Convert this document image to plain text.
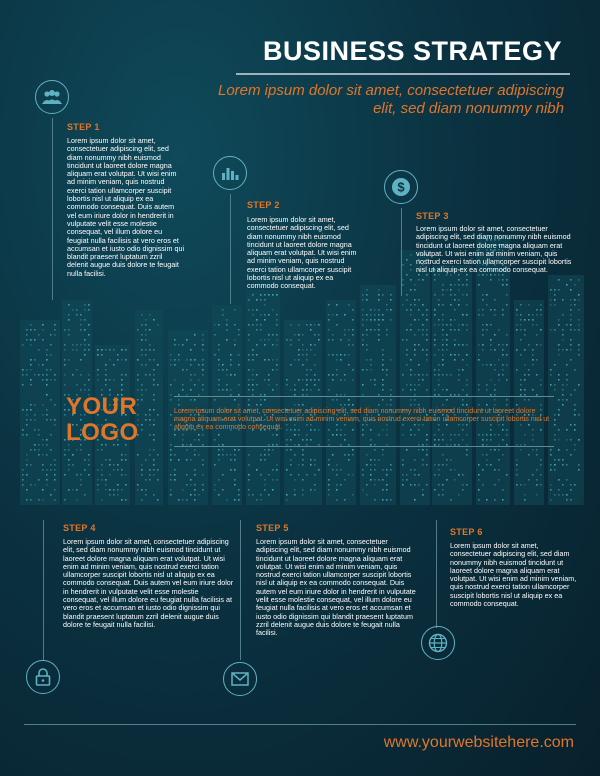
BUSINESS STRATEGY

Lorem ipsum dolor sit amet, consectetuer adipiscing elit, sed diam nonummy nibh

STEP 1

Lorem ipsum dolor sit amet, consectetuer adipiscing elit, sed diam nonummy nibh euismod tincidunt ut laoreet dolore magna aliquam erat volutpat. Ut wisi enim ad minim veniam, quis nostrud exerci tation ullamcorper suscipit lobortis nisl ut aliquip ex ea commodo consequat. Duis autem vel eum iriure dolor in hendrerit in vulputate velit esse molestie consequat, vel illum dolore eu feugiat nulla facilisis at vero eros et accumsan et iusto odio dignissim qui blandit praesent luptatum zzril delenit augue duis dolore te feugait nulla facilisi.

STEP 2

Lorem ipsum dolor sit amet, consectetuer adipiscing elit, sed diam nonummy nibh euismod tincidunt ut laoreet dolore magna aliquam erat volutpat. Ut wisi enim ad minim veniam, quis nostrud exerci tation ullamcorper suscipit lobortis nisl ut aliquip ex ea commodo consequat.

$
STEP 3

Lorem ipsum dolor sit amet, consectetuer adipiscing elit, sed diam nonummy nibh euismod tincidunt ut laoreet dolore magna aliquam erat volutpat. Ut wisi enim ad minim veniam, quis nostrud exerci tation ullamcorper suscipit lobortis nisl ut aliquip ex ea commodo consequat.

YOUR
LOGO

Lorem ipsum dolor sit amet, consectetuer adipiscing elit, sed diam nonummy nibh euismod tincidunt ut laoreet dolore magna aliquam erat volutpat. Ut wisi enim ad minim veniam, quis nostrud exerci tation ullamcorper suscipit lobortis nisl ut aliquip ex ea commodo consequat.

STEP 4

Lorem ipsum dolor sit amet, consectetuer adipiscing elit, sed diam nonummy nibh euismod tincidunt ut laoreet dolore magna aliquam erat volutpat. Ut wisi enim ad minim veniam, quis nostrud exerci tation ullamcorper suscipit lobortis nisl ut aliquip ex ea commodo consequat. Duis autem vel eum iriure dolor in hendrerit in vulputate velit esse molestie consequat, vel illum dolore eu feugiat nulla facilisis at vero eros et accumsan et iusto odio dignissim qui blandit praesent luptatum zzril delenit augue duis dolore te feugait nulla facilisi.

STEP 5

Lorem ipsum dolor sit amet, consectetuer adipiscing elit, sed diam nonummy nibh euismod tincidunt ut laoreet dolore magna aliquam erat volutpat. Ut wisi enim ad minim veniam, quis nostrud exerci tation ullamcorper suscipit lobortis nisl ut aliquip ex ea commodo consequat. Duis autem vel eum iriure dolor in hendrerit in vulputate velit esse molestie consequat, vel illum dolore eu feugiat nulla facilisis at vero eros et accumsan et iusto odio dignissim qui blandit praesent luptatum zzril delenit augue duis dolore te feugait nulla facilisi.

STEP 6

Lorem ipsum dolor sit amet, consectetuer adipiscing elit, sed diam nonummy nibh euismod tincidunt ut laoreet dolore magna aliquam erat volutpat. Ut wisi enim ad minim veniam, quis nostrud exerci tation ullamcorper suscipit lobortis nisl ut aliquip ex ea commodo consequat.

www.yourwebsitehere.com
